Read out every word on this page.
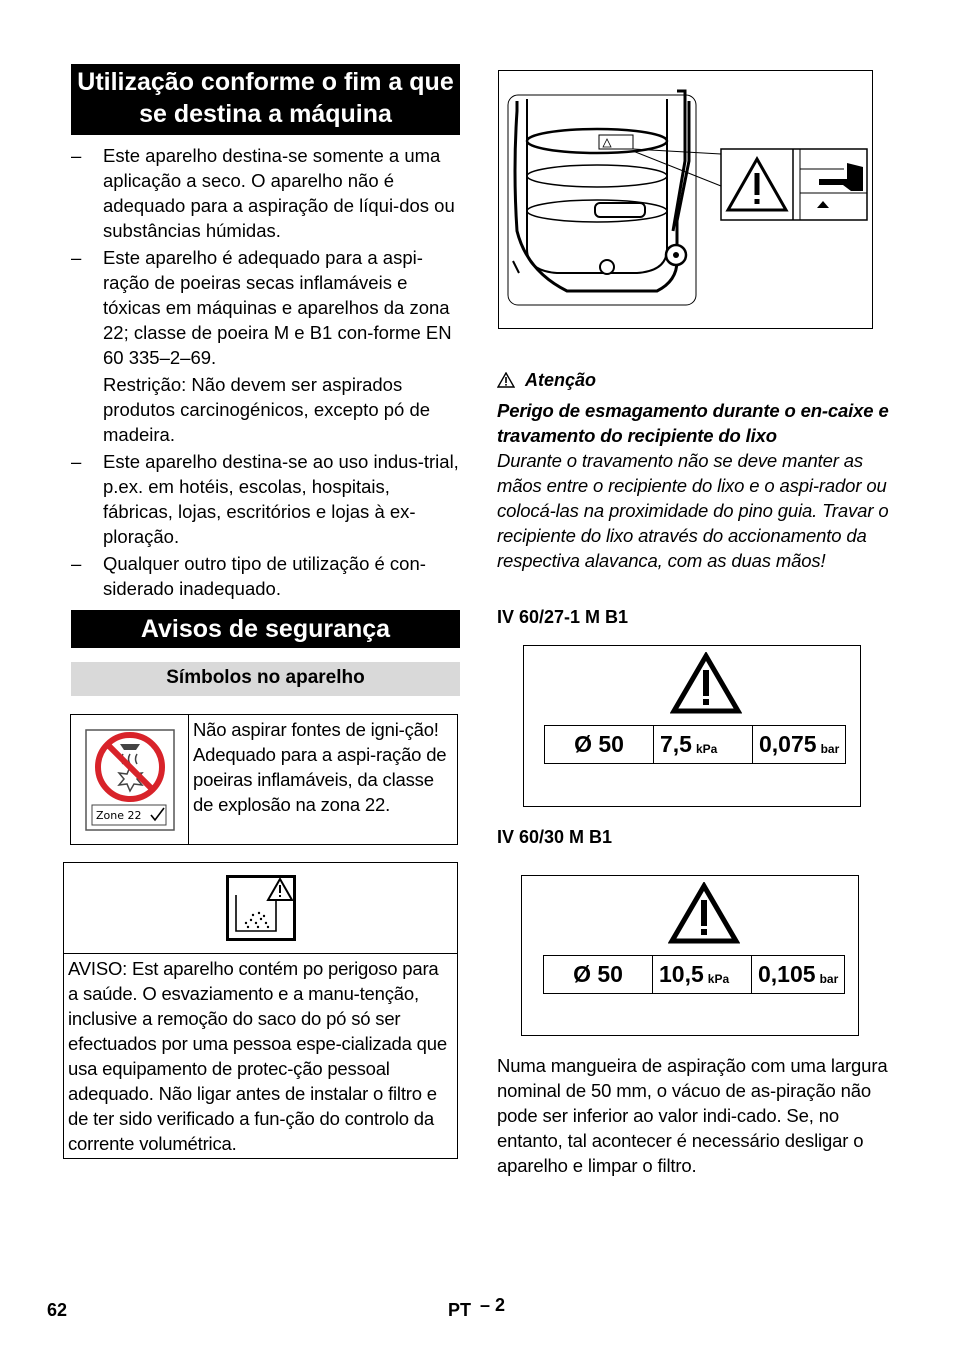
Utilização conforme o fim a que se destina a máquina
– Este aparelho destina-se somente a uma aplicação a seco. O aparelho não é adequado para a aspiração de líqui-dos ou substâncias húmidas.

– Este aparelho é adequado para a aspi-ração de poeiras secas inflamáveis e tóxicas em máquinas e aparelhos da zona 22; classe de poeira M e B1 con-forme EN 60 335–2–69.

Restrição: Não devem ser aspirados produtos carcinogénicos, excepto pó de madeira.

– Este aparelho destina-se ao uso indus-trial, p.ex. em hotéis, escolas, hospitais, fábricas, lojas, escritórios e lojas à ex-ploração.

– Qualquer outro tipo de utilização é con-siderado inadequado.

Avisos de segurança
Símbolos no aparelho
Zone 22
Não aspirar fontes de igni-ção! Adequado para a aspi-ração de poeiras inflamáveis, da classe de explosão na zona 22.
AVISO: Est aparelho contém po perigoso para a saúde. O esvaziamento e a manu-tenção, inclusive a remoção do saco do pó só ser efectuados por uma pessoa espe-cializada que usa equipamento de protec-ção pessoal adequado. Não ligar antes de instalar o filtro e de ter sido verificado a fun-ção do controlo da corrente volumétrica.
Atenção
Perigo de esmagamento durante o en-caixe e travamento do recipiente do lixo
Durante o travamento não se deve manter as mãos entre o recipiente do lixo e o aspi-rador ou colocá-las na proximidade do pino guia. Travar o recipiente do lixo através do accionamento da respectiva alavanca, com as duas mãos!
IV 60/27-1 M B1
Ø 50 7,5 kPa 0,075 bar
IV 60/30 M B1
Ø 50 10,5 kPa 0,105 bar
Numa mangueira de aspiração com uma largura nominal de 50 mm, o vácuo de as-piração não pode ser inferior ao valor indi-cado. Se, no entanto, tal acontecer é necessário desligar o aparelho e limpar o filtro.
62	PT – 2
